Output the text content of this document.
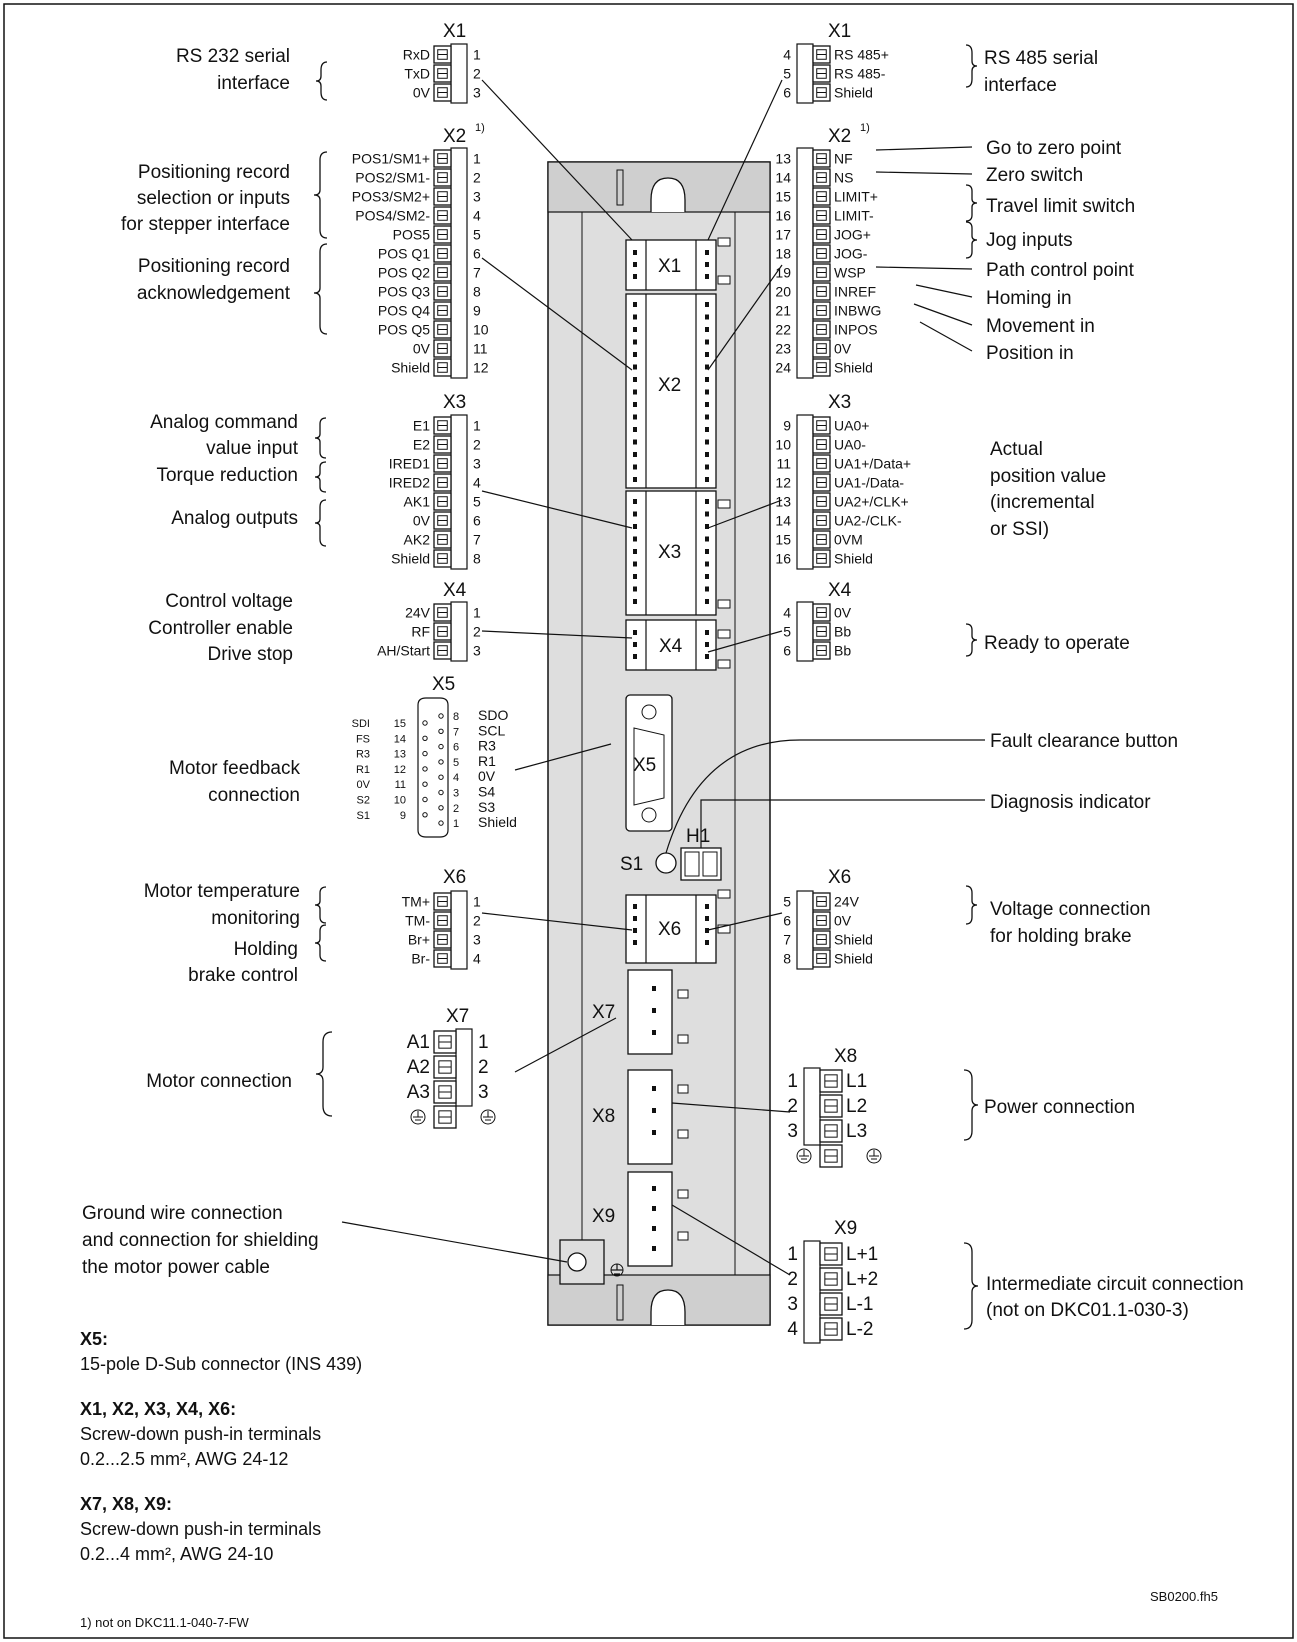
X1
X2
X3
X4
X5
S1
H1
X6
X7
X8
X9
RS 232 serial
interface
Positioning record
selection or inputs
for stepper interface
Positioning record
acknowledgement
Analog command
value input
Torque reduction
Analog outputs
Control voltage
Controller enable
Drive stop
Motor feedback
connection
Motor temperature
monitoring
Holding
brake control
Motor connection
Ground wire connection
and connection for shielding
the motor power cable
RS 485 serial
interface
Go to zero point
Zero switch
Travel limit switch
Jog inputs
Path control point
Homing in
Movement in
Position in
Actual
position value
(incremental
or SSI)
Ready to operate
Fault clearance button
Diagnosis indicator
Voltage connection
for holding brake
Power connection
Intermediate circuit connection
(not on DKC01.1-030-3)
X1	X1
X2 1)	X2 1)
X3	X3
X4	X4
X5
X6	X6
X7
X8
X9
SDI 15
FS 14
R3 13
R1 12
0V 11
S2 10
S1	9
8 SDO
7 SCL
6 R3
5 R1
4 0V
3 S4
2 S3
1 Shield
RxD	1
TxD	2
0V	3
4	RS 485+
5	RS 485-
6	Shield
POS1/SM1+	1
POS2/SM1-	2
POS3/SM2+	3
POS4/SM2-	4
POS5	5
POS Q1	6
POS Q2	7
POS Q3	8
POS Q4	9
POS Q5	10
0V	11
Shield	12
13	NF
14	NS
15	LIMIT+
16	LIMIT-
17	JOG+
18	JOG-
19	WSP
20	INREF
21	INBWG
22	INPOS
23	0V
24	Shield
E1	1
E2	2
IRED1	3
IRED2	4
AK1	5
0V	6
AK2	7
Shield	8
9	UA0+
10	UA0-
11	UA1+/Data+
12	UA1-/Data-
13	UA2+/CLK+
14	UA2-/CLK-
15	0VM
16	Shield
24V	1
RF	2
AH/Start	3
4	0V
5	Bb
6	Bb
TM+	1
TM-	2
Br+	3
Br-	4
5	24V
6	0V
7	Shield
8	Shield
A1	1
A2	2
A3	3
1	L1
2	L2
3	L3
1	L+1
2	L+2
3	L-1
4	L-2
X5:
15-pole D-Sub connector (INS 439)
X1, X2, X3, X4, X6:
Screw-down push-in terminals
0.2...2.5 mm², AWG 24-12
X7, X8, X9:
Screw-down push-in terminals
0.2...4 mm², AWG 24-10
SB0200.fh5
1) not on DKC11.1-040-7-FW
